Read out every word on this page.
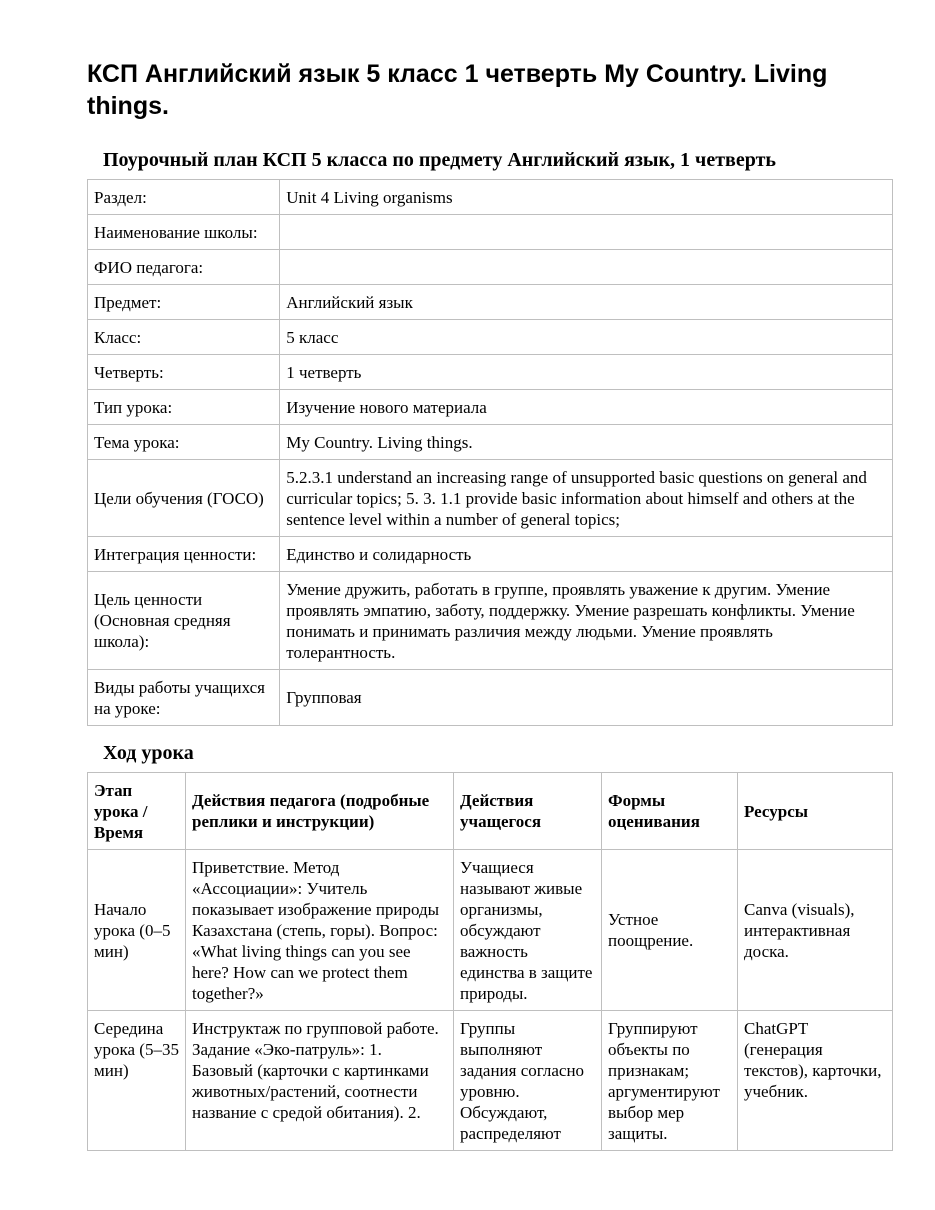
КСП Английский язык 5 класс 1 четверть My Country. Living things.
Поурочный план КСП 5 класса по предмету Английский язык, 1 четверть
Раздел:	Unit 4 Living organisms
Наименование школы:	
ФИО педагога:	
Предмет:	Английский язык
Класс:	5 класс
Четверть:	1 четверть
Тип урока:	Изучение нового материала
Тема урока:	My Country. Living things.
Цели обучения (ГОСО)	5.2.3.1 understand an increasing range of unsupported basic questions on general and curricular topics; 5. 3. 1.1 provide basic information about himself and others at the sentence level within a number of general topics;
Интеграция ценности:	Единство и солидарность
Цель ценности (Основная средняя школа):	Умение дружить, работать в группе, проявлять уважение к другим. Умение проявлять эмпатию, заботу, поддержку. Умение разрешать конфликты. Умение понимать и принимать различия между людьми. Умение проявлять толерантность.
Виды работы учащихся на уроке:	Групповая
Ход урока
Этап урока / Время	Действия педагога (подробные реплики и инструкции)	Действия учащегося	Формы оценивания	Ресурсы
Начало урока (0–5 мин)	Приветствие. Метод «Ассоциации»: Учитель показывает изображение природы Казахстана (степь, горы). Вопрос: «What living things can you see here? How can we protect them together?»	Учащиеся называют живые организмы, обсуждают важность единства в защите природы.	Устное поощрение.	Canva (visuals), интерактивная доска.
Середина урока (5–35 мин)	Инструктаж по групповой работе. Задание «Эко-патруль»: 1. Базовый (карточки с картинками животных/растений, соотнести название с средой обитания). 2.	Группы выполняют задания согласно уровню. Обсуждают, распределяют	Группируют объекты по признакам; аргументируют выбор мер защиты.	ChatGPT (генерация текстов), карточки, учебник.
